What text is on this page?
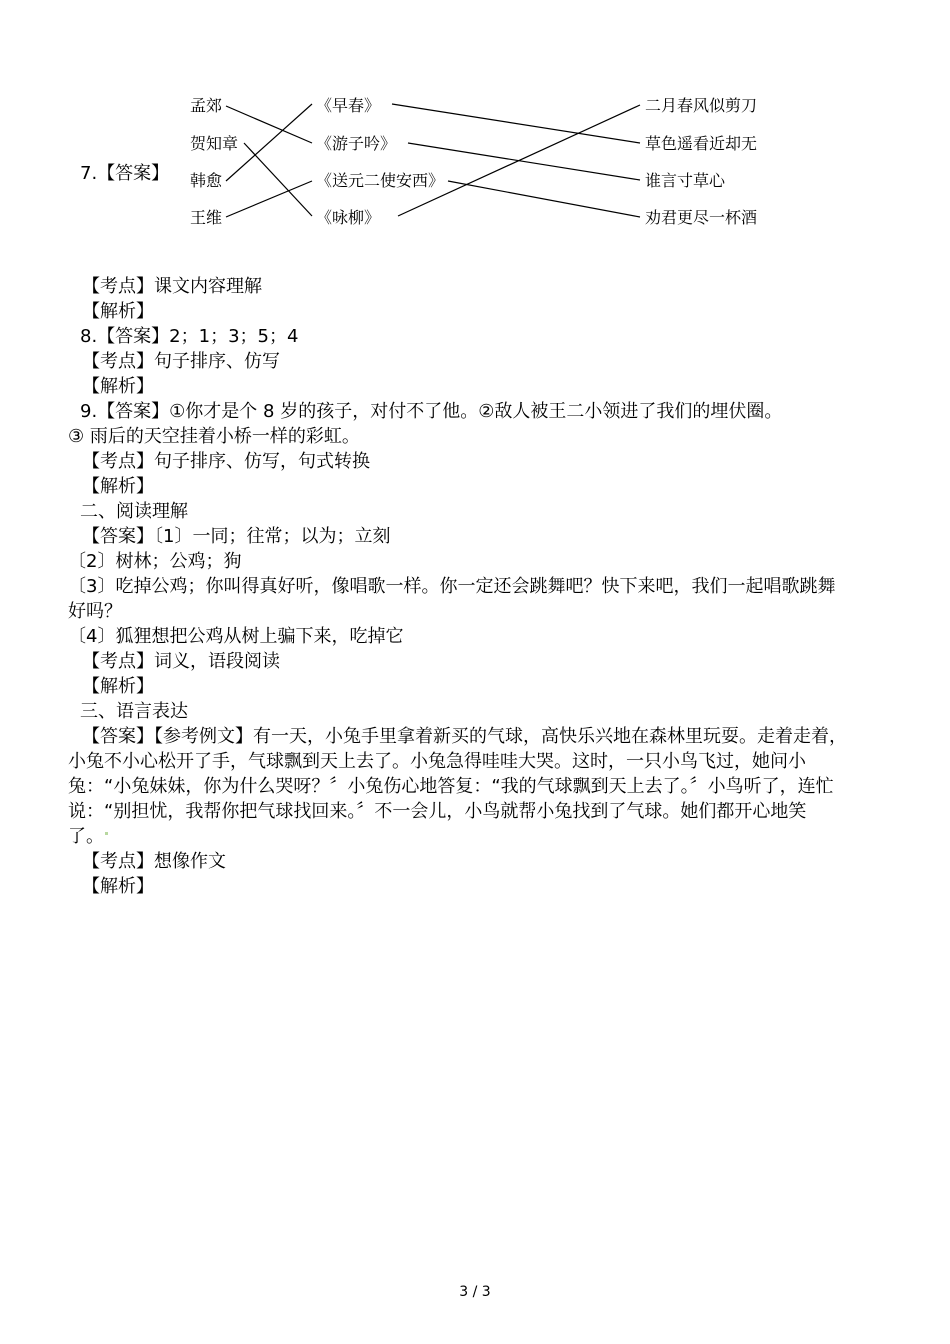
7.【答案】
孟郊
贺知章
韩愈
王维
《早春》
《游子吟》
《送元二使安西》
《咏柳》
二月春风似剪刀
草色遥看近却无
谁言寸草心
劝君更尽一杯酒
【考点】课文内容理解
【解析】
8.【答案】2；1；3；5；4
【考点】句子排序、仿写
【解析】
9.【答案】①你才是个 8 岁的孩子，对付不了他。②敌人被王二小领进了我们的埋伏圈。
③ 雨后的天空挂着小桥一样的彩虹。
【考点】句子排序、仿写，句式转换
【解析】
二、阅读理解
【答案】〔1〕一同；往常；以为；立刻
〔2〕树林；公鸡；狗
〔3〕吃掉公鸡；你叫得真好听，像唱歌一样。你一定还会跳舞吧？快下来吧，我们一起唱歌跳舞
好吗？
〔4〕狐狸想把公鸡从树上骗下来，吃掉它
【考点】词义，语段阅读
【解析】
三、语言表达
【答案】【参考例文】有一天，小兔手里拿着新买的气球，高快乐兴地在森林里玩耍。走着走着，
小兔不小心松开了手，气球飘到天上去了。小兔急得哇哇大哭。这时，一只小鸟飞过，她问小
兔：“小兔妹妹，你为什么哭呀？〞小兔伤心地答复：“我的气球飘到天上去了。〞小鸟听了，连忙
说：“别担忧，我帮你把气球找回来。〞不一会儿，小鸟就帮小兔找到了气球。她们都开心地笑
了。
【考点】想像作文
【解析】
3 / 3
